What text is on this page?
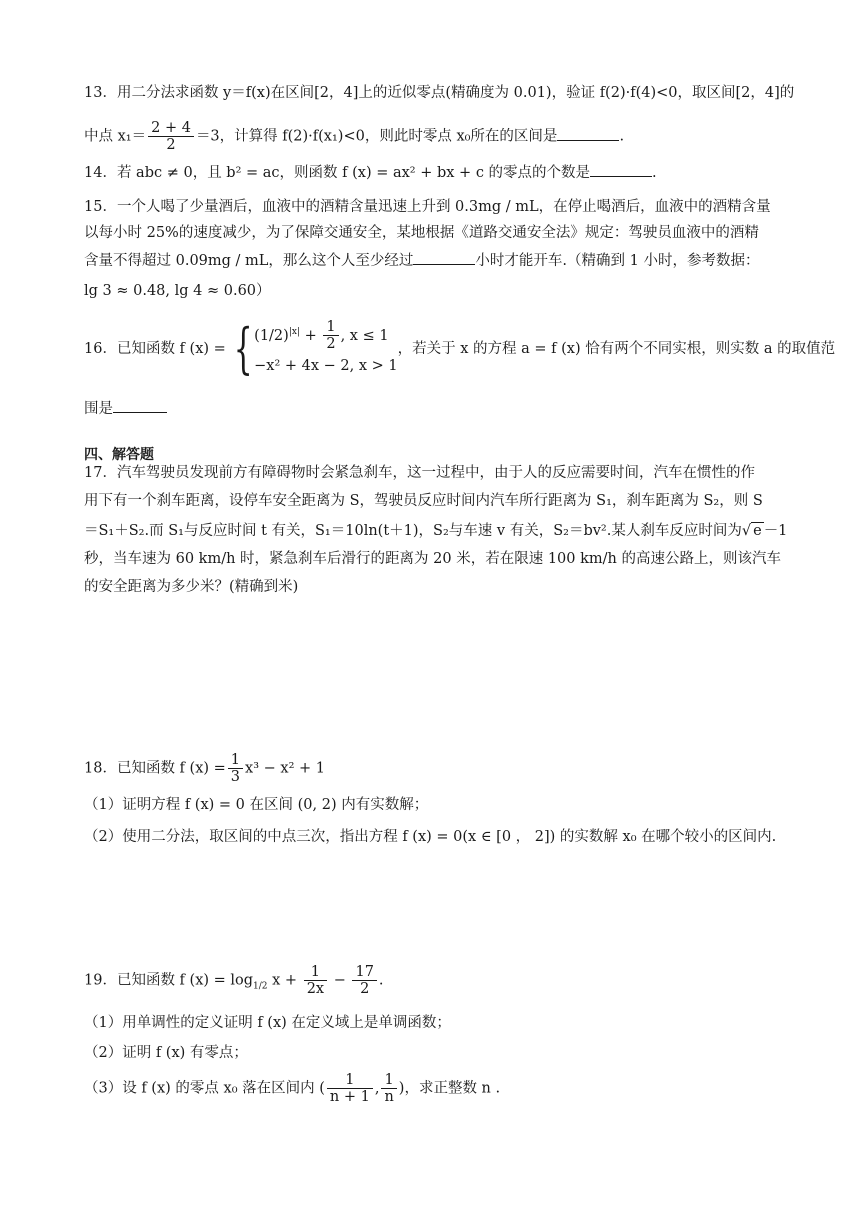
13．用二分法求函数 y＝f(x)在区间[2，4]上的近似零点(精确度为 0.01)，验证 f(2)·f(4)<0，取区间[2，4]的
中点 $x_1= \frac{2 + 4}{2} =3$，计算得 f(2)·f(x₁)<0，则此时零点 x₀所在的区间是	.
14．若 abc ≠ 0，且 b² = ac，则函数 f (x) = ax² + bx + c 的零点的个数是	.
15．一个人喝了少量酒后，血液中的酒精含量迅速上升到 0.3mg / mL，在停止喝酒后，血液中的酒精含量
以每小时 25%的速度减少，为了保障交通安全，某地根据《道路交通安全法》规定：驾驶员血液中的酒精
含量不得超过 0.09mg / mL，那么这个人至少经过	小时才能开车.（精确到 1 小时，参考数据：
lg 3 ≈ 0.48, lg 4 ≈ 0.60）
16．已知函数 f (x) = { $(1/2)^{|x|} + \frac{1}{2}$ , x ≤ 1
−x² + 4x − 2, x > 1
，若关于 x 的方程 a = f (x) 恰有两个不同实根，则实数 a 的取值范
围是
四、解答题
17．汽车驾驶员发现前方有障碍物时会紧急刹车，这一过程中，由于人的反应需要时间，汽车在惯性的作
用下有一个刹车距离，设停车安全距离为 S，驾驶员反应时间内汽车所行距离为 S₁，刹车距离为 S₂，则 S
＝S₁＋S₂.而 S₁与反应时间 t 有关，S₁＝10ln(t＋1)，S₂与车速 v 有关，S₂＝bv².某人刹车反应时间为√ e －1
秒，当车速为 60 km/h 时，紧急刹车后滑行的距离为 20 米，若在限速 100 km/h 的高速公路上，则该汽车
的安全距离为多少米？(精确到米)
18．已知函数 f $(x) = \frac{1}{3} x^3 - x^2 + 1$
（1）证明方程 f (x) = 0 在区间 (0, 2) 内有实数解；
（2）使用二分法，取区间的中点三次，指出方程 f (x) = 0(x ∈ [0 ， 2]) 的实数解 x₀ 在哪个较小的区间内.
19．已知函数 f $(x) = \log_{1/2} x + \frac{1}{2x} - \frac{17}{2}$ .
（1）用单调性的定义证明 f (x) 在定义域上是单调函数；
（2）证明 f (x) 有零点；
（3）设 f (x) 的零点 x₀ 落在区间内 ( $\frac{1}{n + 1}$ , $\frac{1}{n}$ )，求正整数 n .
